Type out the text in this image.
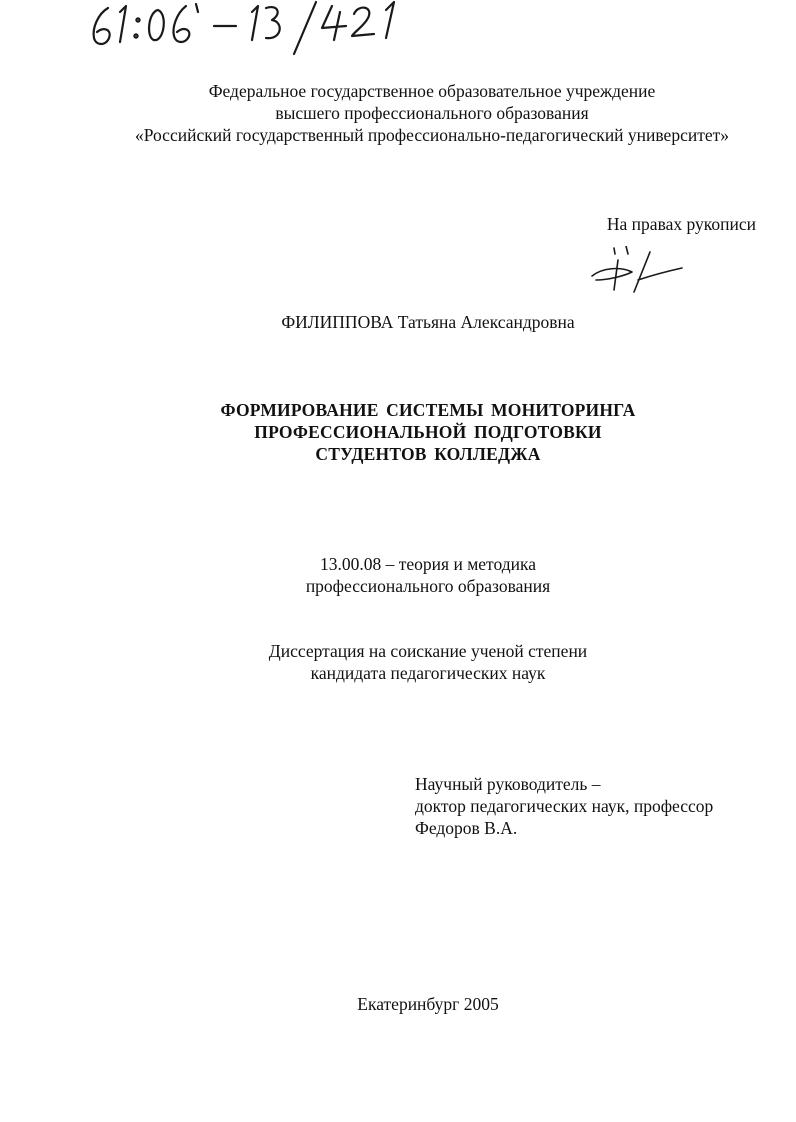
Федеральное государственное образовательное учреждение
высшего профессионального образования
«Российский государственный профессионально-педагогический университет»
На правах рукописи
ФИЛИППОВА Татьяна Александровна
ФОРМИРОВАНИЕ СИСТЕМЫ МОНИТОРИНГА
ПРОФЕССИОНАЛЬНОЙ ПОДГОТОВКИ
СТУДЕНТОВ КОЛЛЕДЖА
13.00.08 – теория и методика
профессионального образования
Диссертация на соискание ученой степени
кандидата педагогических наук
Научный руководитель –
доктор педагогических наук, профессор
Федоров В.А.
Екатеринбург 2005
